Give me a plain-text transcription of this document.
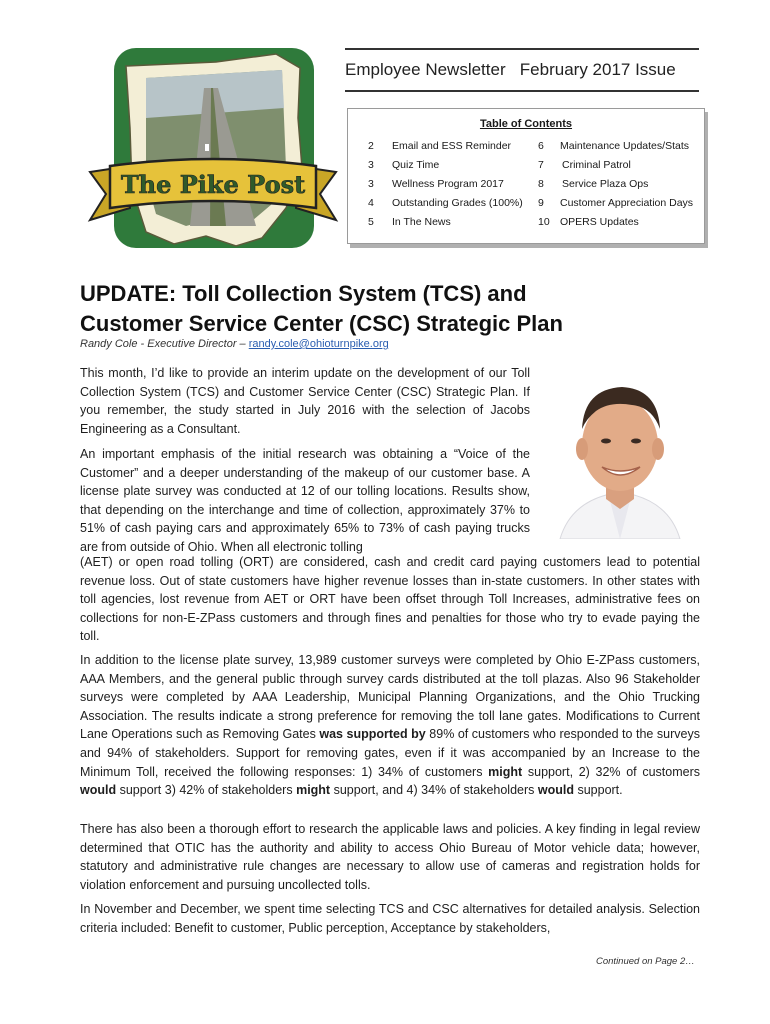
The Pike Post
Employee Newsletter   February 2017 Issue
Table of Contents
2 Email and ESS Reminder	6 Maintenance Updates/Stats
3 Quiz Time	7 Criminal Patrol
3 Wellness Program 2017	8 Service Plaza Ops
4 Outstanding Grades (100%) 9 Customer Appreciation Days
5 In The News	10 OPERS Updates
UPDATE: Toll Collection System (TCS) and
Customer Service Center (CSC) Strategic Plan
Randy Cole - Executive Director – randy.cole@ohioturnpike.org
This month, I’d like to provide an interim update on the development of our Toll Collection System (TCS) and Customer Service Center (CSC) Strategic Plan. If you remember, the study started in July 2016 with the selection of Jacobs Engineering as a Consultant.
An important emphasis of the initial research was obtaining a “Voice of the Customer” and a deeper understanding of the makeup of our customer base. A license plate survey was conducted at 12 of our tolling locations. Results show, that depending on the interchange and time of collection, approximately 37% to 51% of cash paying cars and approximately 65% to 73% of cash paying trucks are from outside of Ohio. When all electronic tolling
(AET) or open road tolling (ORT) are considered, cash and credit card paying customers lead to potential revenue loss. Out of state customers have higher revenue losses than in-state customers. In other states with toll agencies, lost revenue from AET or ORT have been offset through Toll Increases, administrative fees on collections for non-E-ZPass customers and through fines and penalties for those who try to evade paying the toll.
In addition to the license plate survey, 13,989 customer surveys were completed by Ohio E-ZPass customers, AAA Members, and the general public through survey cards distributed at the toll plazas. Also 96 Stakeholder surveys were completed by AAA Leadership, Municipal Planning Organizations, and the Ohio Trucking Association. The results indicate a strong preference for removing the toll lane gates. Modifications to Current Lane Operations such as Removing Gates was supported by 89% of customers who responded to the surveys and 94% of stakeholders. Support for removing gates, even if it was accompanied by an Increase to the Minimum Toll, received the following responses: 1) 34% of customers might support, 2) 32% of customers would support 3) 42% of stakeholders might support, and 4) 34% of stakeholders would support.
There has also been a thorough effort to research the applicable laws and policies. A key finding in legal review determined that OTIC has the authority and ability to access Ohio Bureau of Motor vehicle data; however, statutory and administrative rule changes are necessary to allow use of cameras and registration holds for violation enforcement and pursuing uncollected tolls.
In November and December, we spent time selecting TCS and CSC alternatives for detailed analysis. Selection criteria included: Benefit to customer, Public perception, Acceptance by stakeholders,
Continued on Page 2…
